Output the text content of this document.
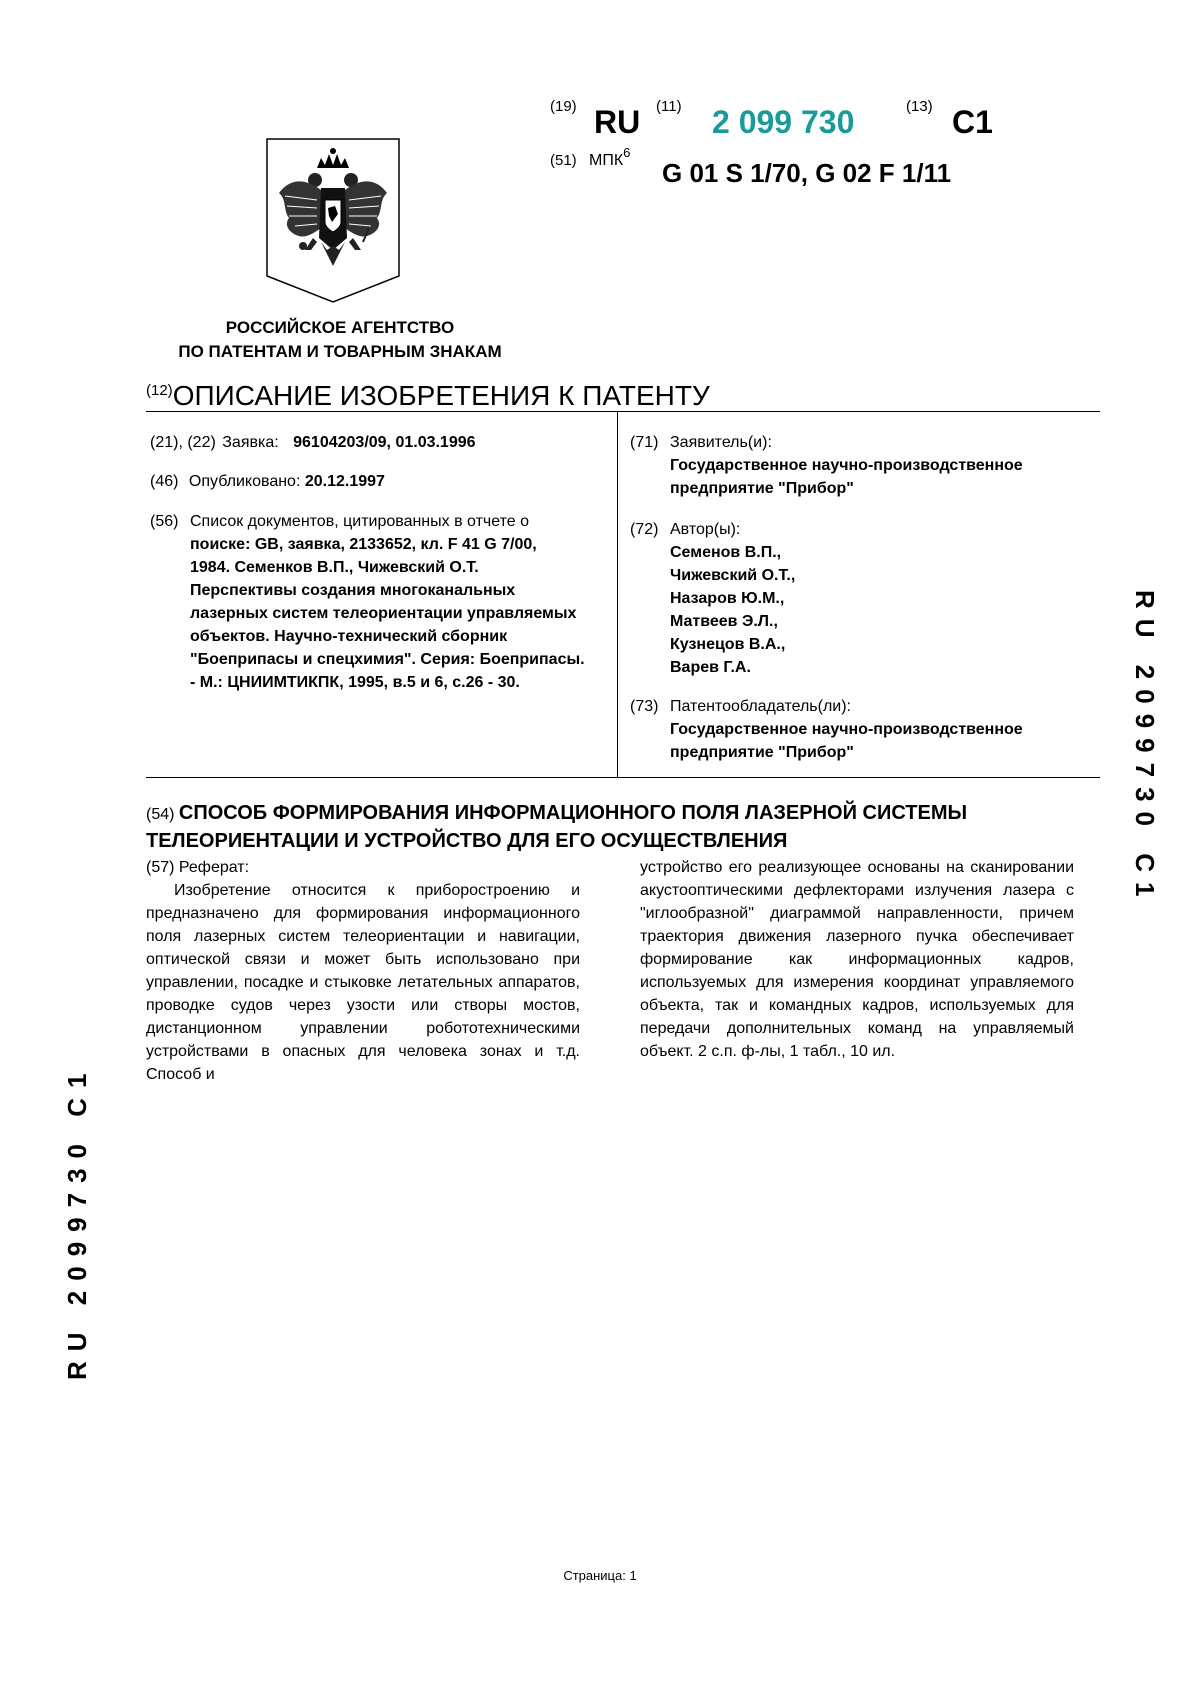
(19) RU (11) 2 099 730	(13) C1
(51) МПК$^6$
G 01 S 1/70, G 02 F 1/11
РОССИЙСКОЕ АГЕНТСТВО
ПО ПАТЕНТАМ И ТОВАРНЫМ ЗНАКАМ
(12)ОПИСАНИЕ ИЗОБРЕТЕНИЯ К ПАТЕНТУ
(21), (22) Заявка: 96104203/09, 01.03.1996
(46) Опубликовано: 20.12.1997
(56) Список документов, цитированных в отчете о
поиске: GB, заявка, 2133652, кл. F 41 G 7/00,
1984. Семенков В.П., Чижевский О.Т.
Перспективы создания многоканальных
лазерных систем телеориентации управляемых
объектов. Научно-технический сборник
"Боеприпасы и спецхимия". Серия: Боеприпасы.
- М.: ЦНИИМТИКПК, 1995, в.5 и 6, с.26 - 30.
(71) Заявитель(и):
Государственное научно-производственное
предприятие "Прибор"
(72) Автор(ы):
Семенов В.П.,
Чижевский О.Т.,
Назаров Ю.М.,
Матвеев Э.Л.,
Кузнецов В.А.,
Варев Г.А.
(73) Патентообладатель(ли):
Государственное научно-производственное
предприятие "Прибор"
(54) СПОСОБ ФОРМИРОВАНИЯ ИНФОРМАЦИОННОГО ПОЛЯ ЛАЗЕРНОЙ СИСТЕМЫ
ТЕЛЕОРИЕНТАЦИИ И УСТРОЙСТВО ДЛЯ ЕГО ОСУЩЕСТВЛЕНИЯ
(57) Реферат:
Изобретение относится к приборостроению и предназначено для формирования информационного поля лазерных систем телеориентации и навигации, оптической связи и может быть использовано при управлении, посадке и стыковке летательных аппаратов, проводке судов через узости или створы мостов, дистанционном управлении робототехническими устройствами в опасных для человека зонах и т.д. Способ и
устройство его реализующее основаны на сканировании акустооптическими дефлекторами излучения лазера с "иглообразной" диаграммой направленности, причем траектория движения лазерного пучка обеспечивает формирование как информационных кадров, используемых для измерения координат управляемого объекта, так и командных кадров, используемых для передачи дополнительных команд на управляемый объект. 2 с.п. ф-лы, 1 табл., 10 ил.
RU 2099730 C1
RU 2099730 C1
Страница: 1
